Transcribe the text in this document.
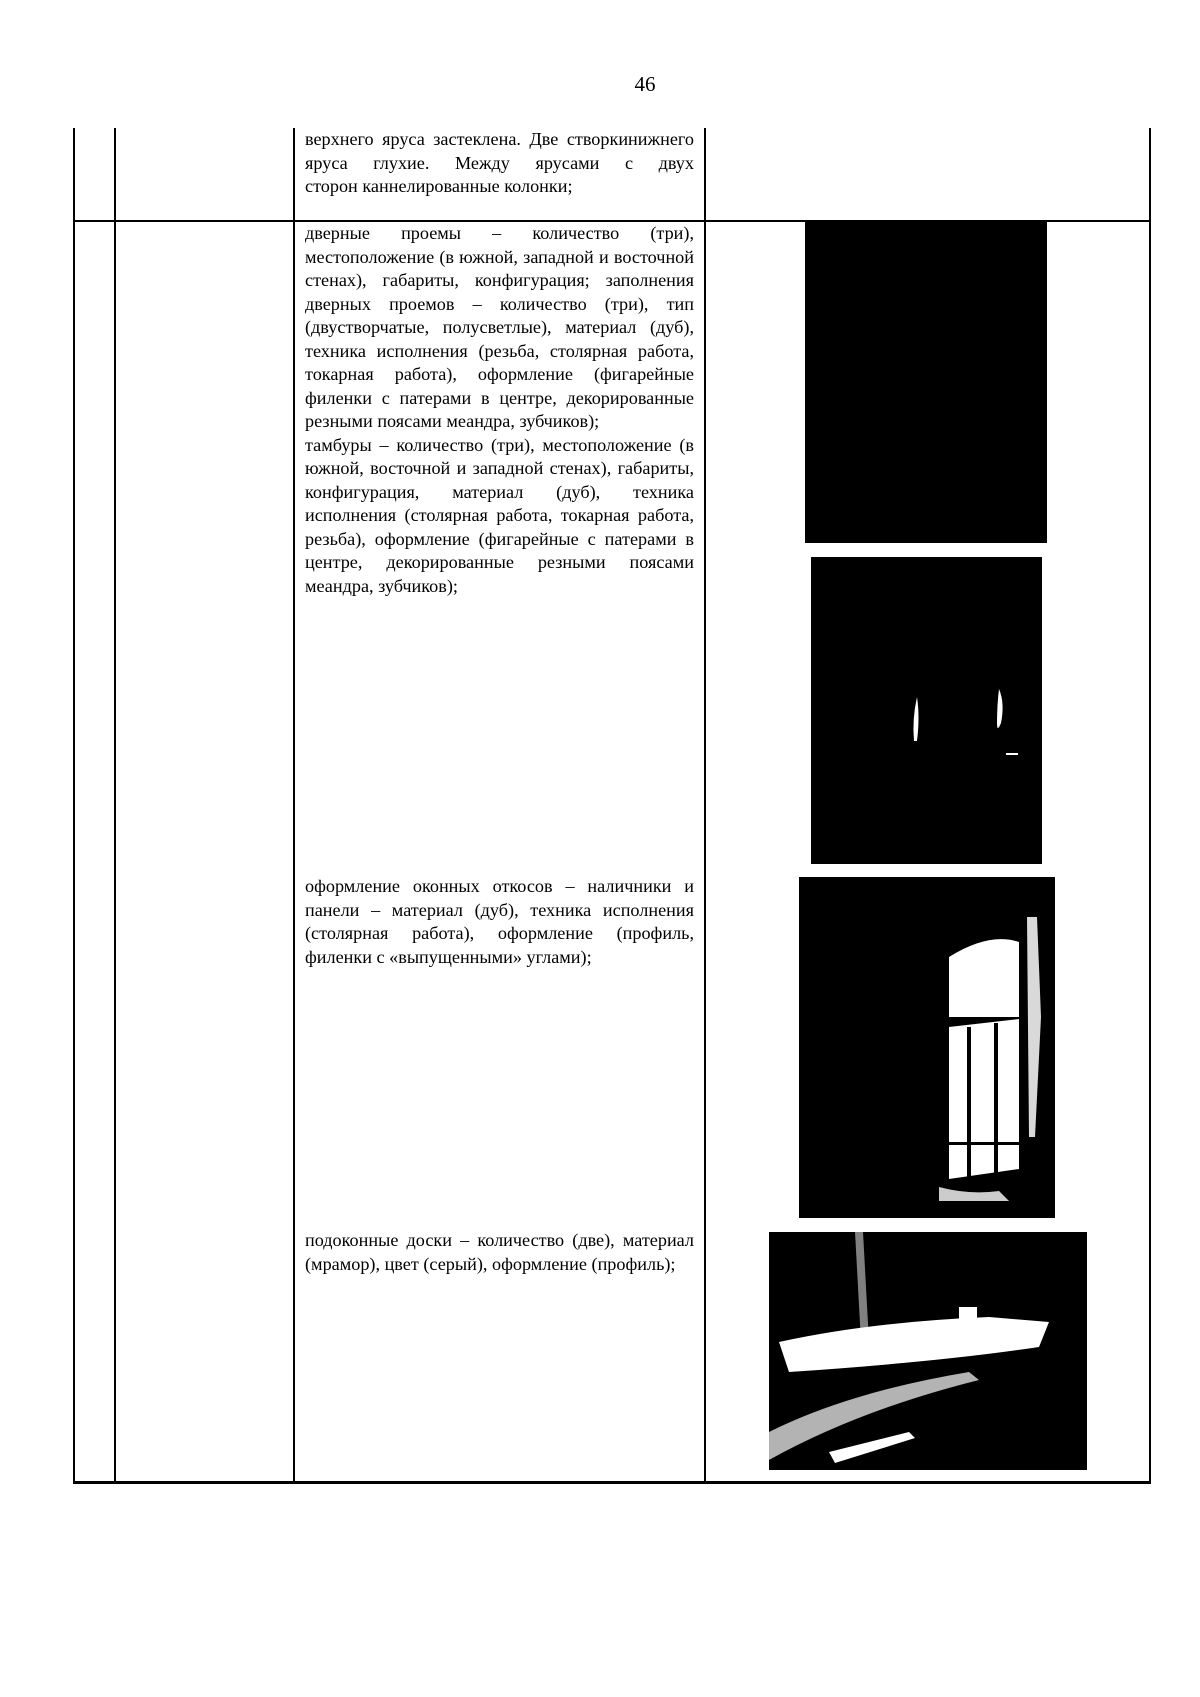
46

верхнего яруса застеклена. Две створкинижнего яруса глухие. Между ярусами с двух

сторон каннелированные колонки;

дверные проемы – количество (три), местоположение (в южной, западной и восточной стенах), габариты, конфигурация; заполнения дверных проемов – количество (три), тип (двустворчатые, полусветлые), материал (дуб), техника исполнения (резьба, столярная работа, токарная работа), оформление (фигарейные филенки с патерами в центре, декорированные резными поясами меандра, зубчиков);

тамбуры – количество (три), местоположение (в южной, восточной и западной стенах), габариты, конфигурация, материал (дуб), техника исполнения (столярная работа, токарная работа, резьба), оформление (фигарейные с патерами в центре, декорированные резными поясами меандра, зубчиков);

оформление оконных откосов – наличники и панели – материал (дуб), техника исполнения (столярная работа), оформление (профиль, филенки с «выпущенными» углами);

подоконные доски – количество (две), материал (мрамор), цвет (серый), оформление (профиль);
